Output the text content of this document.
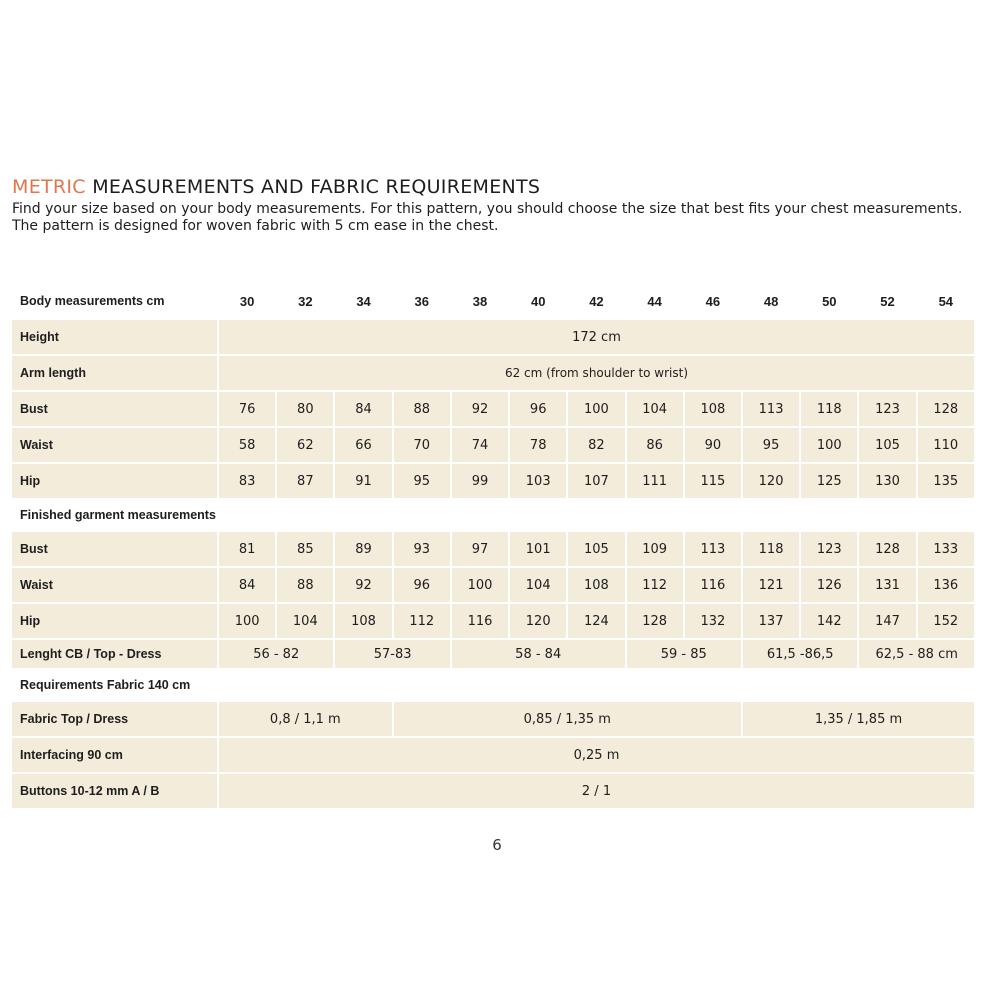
METRIC MEASUREMENTS AND FABRIC REQUIREMENTS
Find your size based on your body measurements. For this pattern, you should choose the size that best fits your chest measurements.
The pattern is designed for woven fabric with 5 cm ease in the chest.
Body measurements cm	30	32	34	36	38	40	42	44	46	48	50	52	54
Height	172 cm												
Arm length	62 cm (from shoulder to wrist)												
Bust	76	80	84	88	92	96	100	104	108	113	118	123	128
Waist	58	62	66	70	74	78	82	86	90	95	100	105	110
Hip	83	87	91	95	99	103	107	111	115	120	125	130	135
Finished garment measurements													
Bust	81	85	89	93	97	101	105	109	113	118	123	128	133
Waist	84	88	92	96	100	104	108	112	116	121	126	131	136
Hip	100	104	108	112	116	120	124	128	132	137	142	147	152
Lenght CB / Top - Dress	56 - 82		57-83		58 - 84			59 - 85		61,5 -86,5		62,5 - 88 cm	
Requirements Fabric 140 cm													
Fabric Top / Dress	0,8 / 1,1 m			0,85 / 1,35 m						1,35 / 1,85 m			
Interfacing 90 cm	0,25 m												
Buttons 10-12 mm A / B	2 / 1												
6
